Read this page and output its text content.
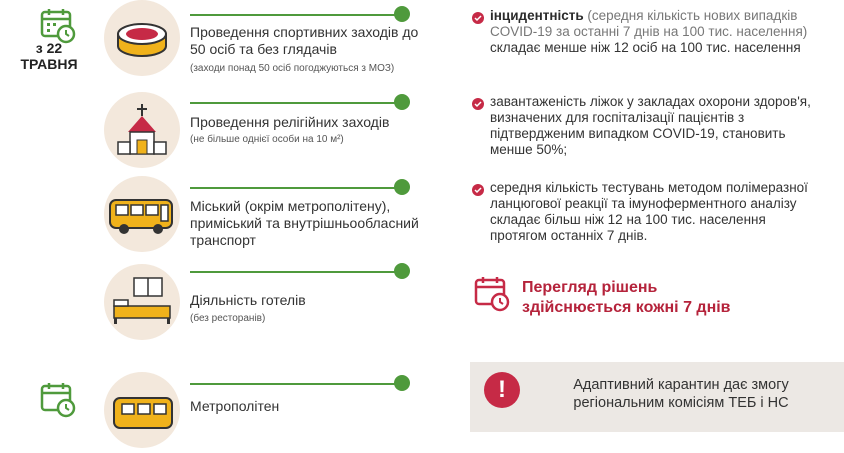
з 22
ТРАВНЯ
Проведення спортивних заходів до 50 осіб та без глядачів
(заходи понад 50 осіб погоджуються з МОЗ)
Проведення релігійних заходів
(не більше однієї особи на 10 м²)
Міський (окрім метрополітену), приміський та внутрішньообласний транспорт
Діяльність готелів
(без ресторанів)
Метрополітен
інцидентність (середня кількість нових випадків COVID-19 за останні 7 днів на 100 тис. населення) складає менше ніж 12 осіб на 100 тис. населення
завантаженість ліжок у закладах охорони здоров'я, визначених для госпіталізації пацієнтів з підтвердженим випадком COVID-19, становить менше 50%;
середня кількість тестувань методом полімеразної ланцюгової реакції та імуноферментного аналізу складає більш ніж 12 на 100 тис. населення протягом останніх 7 днів.
Перегляд рішень
здійснюється кожні 7 днів
!	Адаптивний карантин дає змогу регіональним комісіям ТЕБ і НС
